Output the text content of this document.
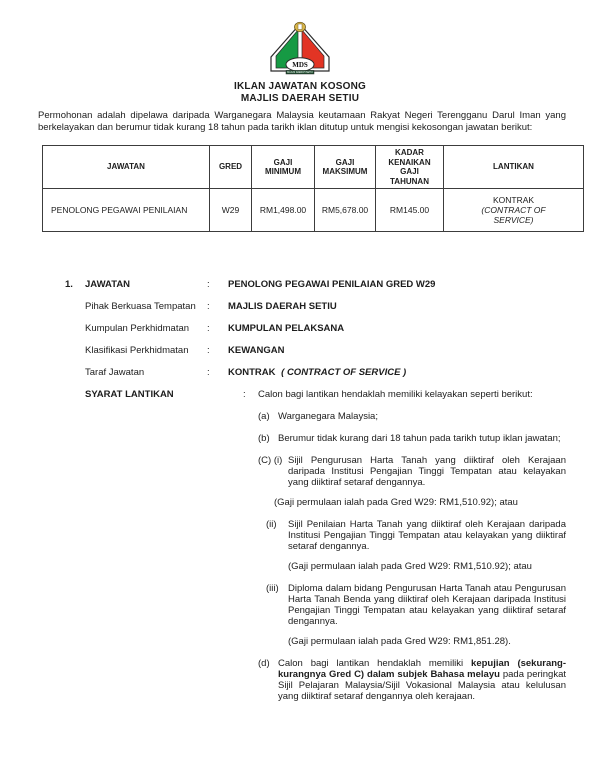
MDS
MAJLIS DAERAH SETIU
IKLAN JAWATAN KOSONG
MAJLIS DAERAH SETIU

Permohonan adalah dipelawa daripada Warganegara Malaysia keutamaan Rakyat Negeri Terengganu Darul Iman yang berkelayakan dan berumur tidak kurang 18 tahun pada tarikh iklan ditutup untuk mengisi kekosongan jawatan berikut:

JAWATAN	GRED	GAJI MINIMUM	GAJI MAKSIMUM	KADAR KENAIKAN GAJI TAHUNAN	LANTIKAN
PENOLONG PEGAWAI PENILAIAN	W29	RM1,498.00	RM5,678.00	RM145.00	KONTRAK
(CONTRACT OF SERVICE)
1.	JAWATAN	:	PENOLONG PEGAWAI PENILAIAN GRED W29
Pihak Berkuasa Tempatan	:	MAJLIS DAERAH SETIU
Kumpulan Perkhidmatan	:	KUMPULAN PELAKSANA
Klasifikasi Perkhidmatan	:	KEWANGAN
Taraf Jawatan	:	KONTRAK ( CONTRACT OF SERVICE )
SYARAT LANTIKAN	:	Calon bagi lantikan hendaklah memiliki kelayakan seperti berikut:
(a) Warganegara Malaysia;
(b) Berumur tidak kurang dari 18 tahun pada tarikh tutup iklan jawatan;
(C) (i) Sijil Pengurusan Harta Tanah yang diiktiraf oleh Kerajaan daripada Institusi Pengajian Tinggi Tempatan atau kelayakan yang diiktiraf setaraf dengannya.
(Gaji permulaan ialah pada Gred W29: RM1,510.92); atau
(ii)	Sijil Penilaian Harta Tanah yang diiktiraf oleh Kerajaan daripada Institusi Pengajian Tinggi Tempatan atau kelayakan yang diiktiraf setaraf dengannya.
(Gaji permulaan ialah pada Gred W29: RM1,510.92); atau
(iii) Diploma dalam bidang Pengurusan Harta Tanah atau Pengurusan Harta Tanah Benda yang diiktiraf oleh Kerajaan daripada Institusi Pengajian Tinggi Tempatan atau kelayakan yang diiktiraf setaraf dengannya.
(Gaji permulaan ialah pada Gred W29: RM1,851.28).
(d) Calon bagi lantikan hendaklah memiliki kepujian (sekurang-kurangnya Gred C) dalam subjek Bahasa melayu pada peringkat Sijil Pelajaran Malaysia/Sijil Vokasional Malaysia atau kelulusan yang diiktiraf setaraf dengannya oleh kerajaan.
